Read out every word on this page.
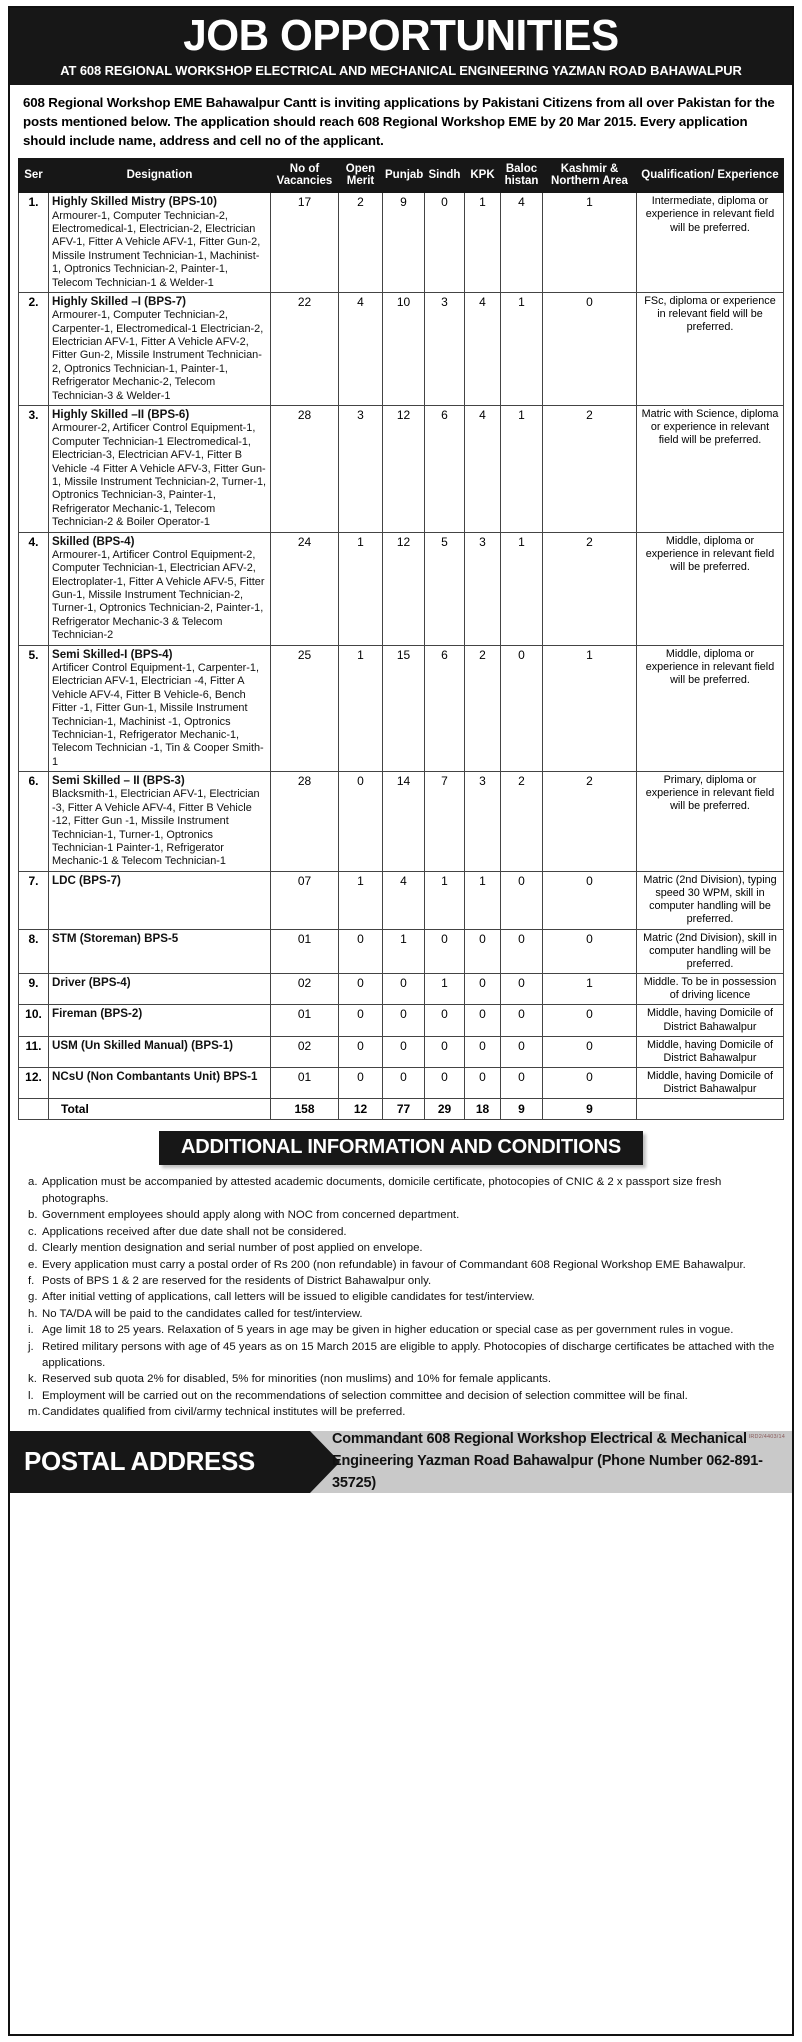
JOB OPPORTUNITIES
AT 608 REGIONAL WORKSHOP ELECTRICAL AND MECHANICAL ENGINEERING YAZMAN ROAD BAHAWALPUR
608 Regional Workshop EME Bahawalpur Cantt is inviting applications by Pakistani Citizens from all over Pakistan for the posts mentioned below. The application should reach 608 Regional Workshop EME by 20 Mar 2015. Every application should include name, address and cell no of the applicant.
Ser	Designation	No of Vacancies	Open Merit	Punjab	Sindh	KPK	Baloc histan	Kashmir & Northern Area	Qualification/ Experience
1.	Highly Skilled Mistry (BPS-10)
Armourer-1, Computer Technician-2, Electromedical-1, Electrician-2, Electrician AFV-1, Fitter A Vehicle AFV-1, Fitter Gun-2, Missile Instrument Technician-1, Machinist-1, Optronics Technician-2, Painter-1, Telecom Technician-1 & Welder-1	17	2	9	0	1	4	1	Intermediate, diploma or experience in relevant field will be preferred.
2.	Highly Skilled –I (BPS-7)
Armourer-1, Computer Technician-2, Carpenter-1, Electromedical-1 Electrician-2, Electrician AFV-1, Fitter A Vehicle AFV-2, Fitter Gun-2, Missile Instrument Technician-2, Optronics Technician-1, Painter-1, Refrigerator Mechanic-2, Telecom Technician-3 & Welder-1	22	4	10	3	4	1	0	FSc, diploma or experience in relevant field will be preferred.
3.	Highly Skilled –II (BPS-6)
Armourer-2, Artificer Control Equipment-1, Computer Technician-1 Electromedical-1, Electrician-3, Electrician AFV-1, Fitter B Vehicle -4 Fitter A Vehicle AFV-3, Fitter Gun-1, Missile Instrument Technician-2, Turner-1, Optronics Technician-3, Painter-1, Refrigerator Mechanic-1, Telecom Technician-2 & Boiler Operator-1	28	3	12	6	4	1	2	Matric with Science, diploma or experience in relevant field will be preferred.
4.	Skilled (BPS-4)
Armourer-1, Artificer Control Equipment-2, Computer Technician-1, Electrician AFV-2, Electroplater-1, Fitter A Vehicle AFV-5, Fitter Gun-1, Missile Instrument Technician-2, Turner-1, Optronics Technician-2, Painter-1, Refrigerator Mechanic-3 & Telecom Technician-2	24	1	12	5	3	1	2	Middle, diploma or experience in relevant field will be preferred.
5.	Semi Skilled-I (BPS-4)
Artificer Control Equipment-1, Carpenter-1, Electrician AFV-1, Electrician -4, Fitter A Vehicle AFV-4, Fitter B Vehicle-6, Bench Fitter -1, Fitter Gun-1, Missile Instrument Technician-1, Machinist -1, Optronics Technician-1, Refrigerator Mechanic-1, Telecom Technician -1, Tin & Cooper Smith-1	25	1	15	6	2	0	1	Middle, diploma or experience in relevant field will be preferred.
6.	Semi Skilled – II (BPS-3)
Blacksmith-1, Electrician AFV-1, Electrician -3, Fitter A Vehicle AFV-4, Fitter B Vehicle -12, Fitter Gun -1, Missile Instrument Technician-1, Turner-1, Optronics Technician-1 Painter-1, Refrigerator Mechanic-1 & Telecom Technician-1	28	0	14	7	3	2	2	Primary, diploma or experience in relevant field will be preferred.
7.	LDC (BPS-7)	07	1	4	1	1	0	0	Matric (2nd Division), typing speed 30 WPM, skill in computer handling will be preferred.
8.	STM (Storeman) BPS-5	01	0	1	0	0	0	0	Matric (2nd Division), skill in computer handling will be preferred.
9.	Driver (BPS-4)	02	0	0	1	0	0	1	Middle. To be in possession of driving licence
10.	Fireman (BPS-2)	01	0	0	0	0	0	0	Middle, having Domicile of District Bahawalpur
11.	USM (Un Skilled Manual) (BPS-1)	02	0	0	0	0	0	0	Middle, having Domicile of District Bahawalpur
12.	NCsU (Non Combantants Unit) BPS-1	01	0	0	0	0	0	0	Middle, having Domicile of District Bahawalpur
	Total	158	12	77	29	18	9	9	
ADDITIONAL INFORMATION AND CONDITIONS
a. Application must be accompanied by attested academic documents, domicile certificate, photocopies of CNIC & 2 x passport size fresh photographs.
b. Government employees should apply along with NOC from concerned department.
c. Applications received after due date shall not be considered.
d. Clearly mention designation and serial number of post applied on envelope.
e. Every application must carry a postal order of Rs 200 (non refundable) in favour of Commandant 608 Regional Workshop EME Bahawalpur.
f. Posts of BPS 1 & 2 are reserved for the residents of District Bahawalpur only.
g. After initial vetting of applications, call letters will be issued to eligible candidates for test/interview.
h. No TA/DA will be paid to the candidates called for test/interview.
i. Age limit 18 to 25 years. Relaxation of 5 years in age may be given in higher education or special case as per government rules in vogue.
j. Retired military persons with age of 45 years as on 15 March 2015 are eligible to apply. Photocopies of discharge certificates be attached with the applications.
k. Reserved sub quota 2% for disabled, 5% for minorities (non muslims) and 10% for female applicants.
l. Employment will be carried out on the recommendations of selection committee and decision of selection committee will be final.
m. Candidates qualified from civil/army technical institutes will be preferred.
POSTAL ADDRESS
Commandant 608 Regional Workshop Electrical & Mechanical
Engineering Yazman Road Bahawalpur (Phone Number 062-891-35725)
IRD2/4403/14
